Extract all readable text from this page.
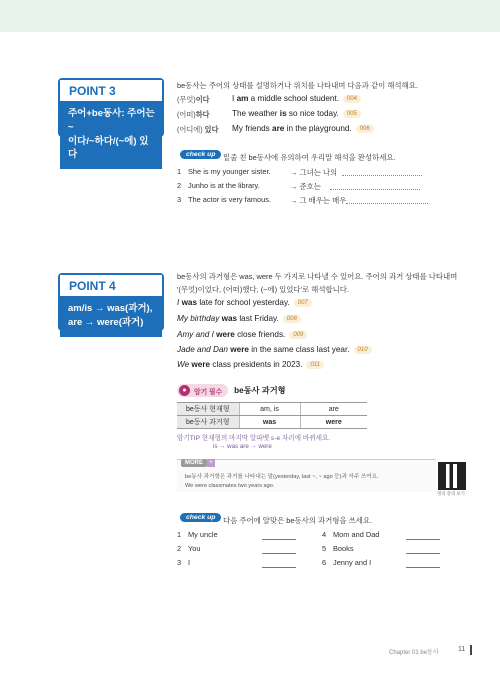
POINT 3
주어+be동사: 주어는 ~
이다/~하다/(~에) 있다
be동사는 주어의 상태를 설명하거나 위치를 나타내며 다음과 같이 해석해요.
(무엇)이다	I am a middle school student. 004
(어떠)하다	The weather is so nice today. 005
(어디에) 있다 My friends are in the playground. 006
check up	밑줄 친 be동사에 유의하여 우리말 해석을 완성하세요.
1 She is my younger sister.	→ 그녀는 나의
2 Junho is at the library.	→ 준호는
3 The actor is very famous.	→ 그 배우는 매우
POINT 4
am/is → was(과거),
are → were(과거)
be동사의 과거형은 was, were 두 가지로 나타낼 수 있어요. 주어의 과거 상태를 나타내며
'(무엇)이었다, (어떠)했다, (~에) 있었다'로 해석합니다.
I was late for school yesterday. 007
My birthday was last Friday. 008
Amy and I were close friends. 009
Jade and Dan were in the same class last year. 010
We were class presidents in 2023. 011
●	암기 필수 be동사 과거형
be동사 현재형	am, is	are
be동사 과거형	was	were
암기TIP 현재형의 마지막 알파벳 s·e 자리에 바뀌세요.
is → was are → were
MORE	+
be동사 과거형은 과거를 나타내는 말(yesterday, last ~, ~ ago 등)과 자주 쓰여요.
We were classmates two years ago.
정리 강의 보기
check up	다음 주어에 알맞은 be동사의 과거형을 쓰세요.
1 My uncle
2 You
3 I
4 Mom and Dad
5 Books
6 Jenny and I
Chapter 01 be동사	11
